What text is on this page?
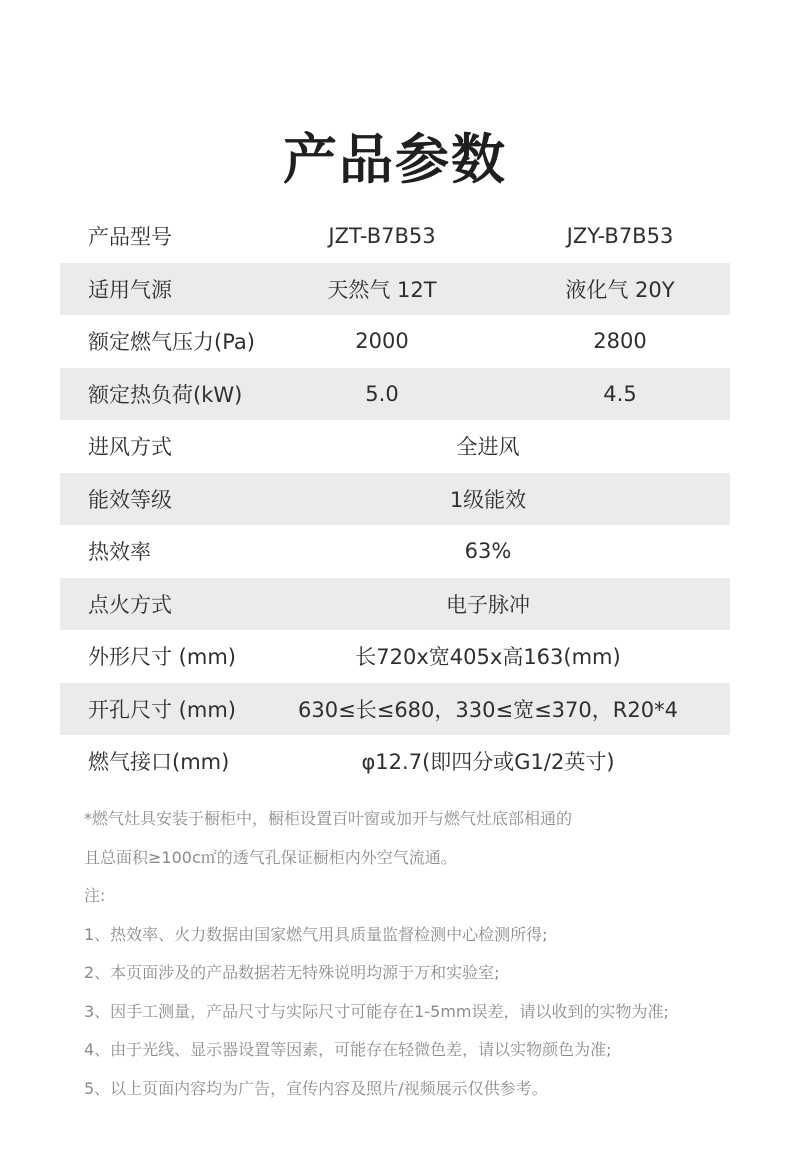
产品参数
产品型号	JZT-B7B53	JZY-B7B53
适用气源	天然气 12T	液化气 20Y
额定燃气压力(Pa)	2000	2800
额定热负荷(kW)	5.0	4.5
进风方式	全进风
能效等级	1级能效
热效率	63%
点火方式	电子脉冲
外形尺寸 (mm)	长720x宽405x高163(mm)
开孔尺寸 (mm)	630≤长≤680，330≤宽≤370，R20*4
燃气接口(mm)	φ12.7(即四分或G1/2英寸)
*燃气灶具安装于橱柜中，橱柜设置百叶窗或加开与燃气灶底部相通的
且总面积≥100c㎡的透气孔保证橱柜内外空气流通。
注:
1、热效率、火力数据由国家燃气用具质量监督检测中心检测所得;
2、本页面涉及的产品数据若无特殊说明均源于万和实验室;
3、因手工测量，产品尺寸与实际尺寸可能存在1-5mm误差，请以收到的实物为准;
4、由于光线、显示器设置等因素，可能存在轻微色差，请以实物颜色为准;
5、以上页面内容均为广告，宣传内容及照片/视频展示仅供参考。
